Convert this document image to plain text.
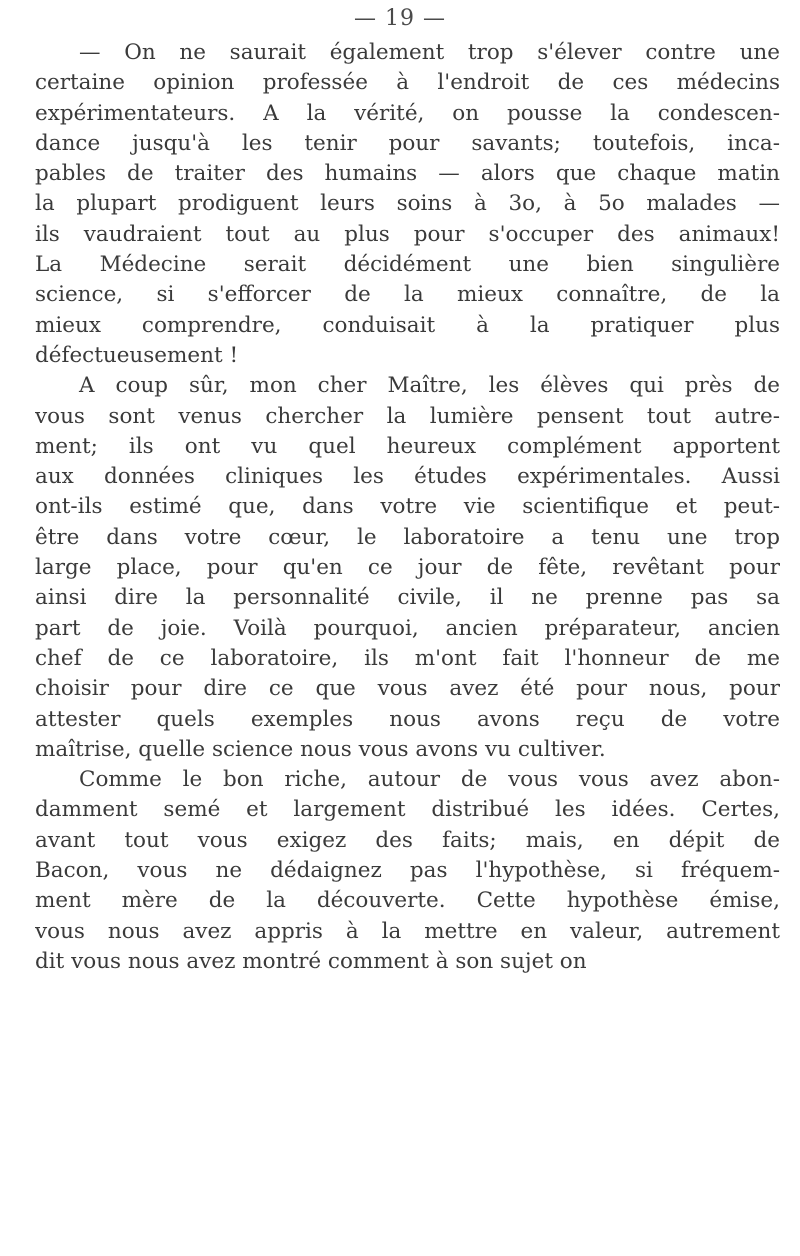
— 19 —
— On ne saurait également trop s'élever contre une
certaine opinion professée à l'endroit de ces médecins
expérimentateurs. A la vérité, on pousse la condescen-
dance jusqu'à les tenir pour savants; toutefois, inca-
pables de traiter des humains — alors que chaque matin
la plupart prodiguent leurs soins à 3o, à 5o malades —
ils vaudraient tout au plus pour s'occuper des animaux!
La Médecine serait décidément une bien singulière
science, si s'efforcer de la mieux connaître, de la
mieux comprendre, conduisait à la pratiquer plus
défectueusement !
A coup sûr, mon cher Maître, les élèves qui près de
vous sont venus chercher la lumière pensent tout autre-
ment; ils ont vu quel heureux complément apportent
aux données cliniques les études expérimentales. Aussi
ont-ils estimé que, dans votre vie scientifique et peut-
être dans votre cœur, le laboratoire a tenu une trop
large place, pour qu'en ce jour de fête, revêtant pour
ainsi dire la personnalité civile, il ne prenne pas sa
part de joie. Voilà pourquoi, ancien préparateur, ancien
chef de ce laboratoire, ils m'ont fait l'honneur de me
choisir pour dire ce que vous avez été pour nous, pour
attester quels exemples nous avons reçu de votre
maîtrise, quelle science nous vous avons vu cultiver.
Comme le bon riche, autour de vous vous avez abon-
damment semé et largement distribué les idées. Certes,
avant tout vous exigez des faits; mais, en dépit de
Bacon, vous ne dédaignez pas l'hypothèse, si fréquem-
ment mère de la découverte. Cette hypothèse émise,
vous nous avez appris à la mettre en valeur, autrement
dit vous nous avez montré comment à son sujet on
